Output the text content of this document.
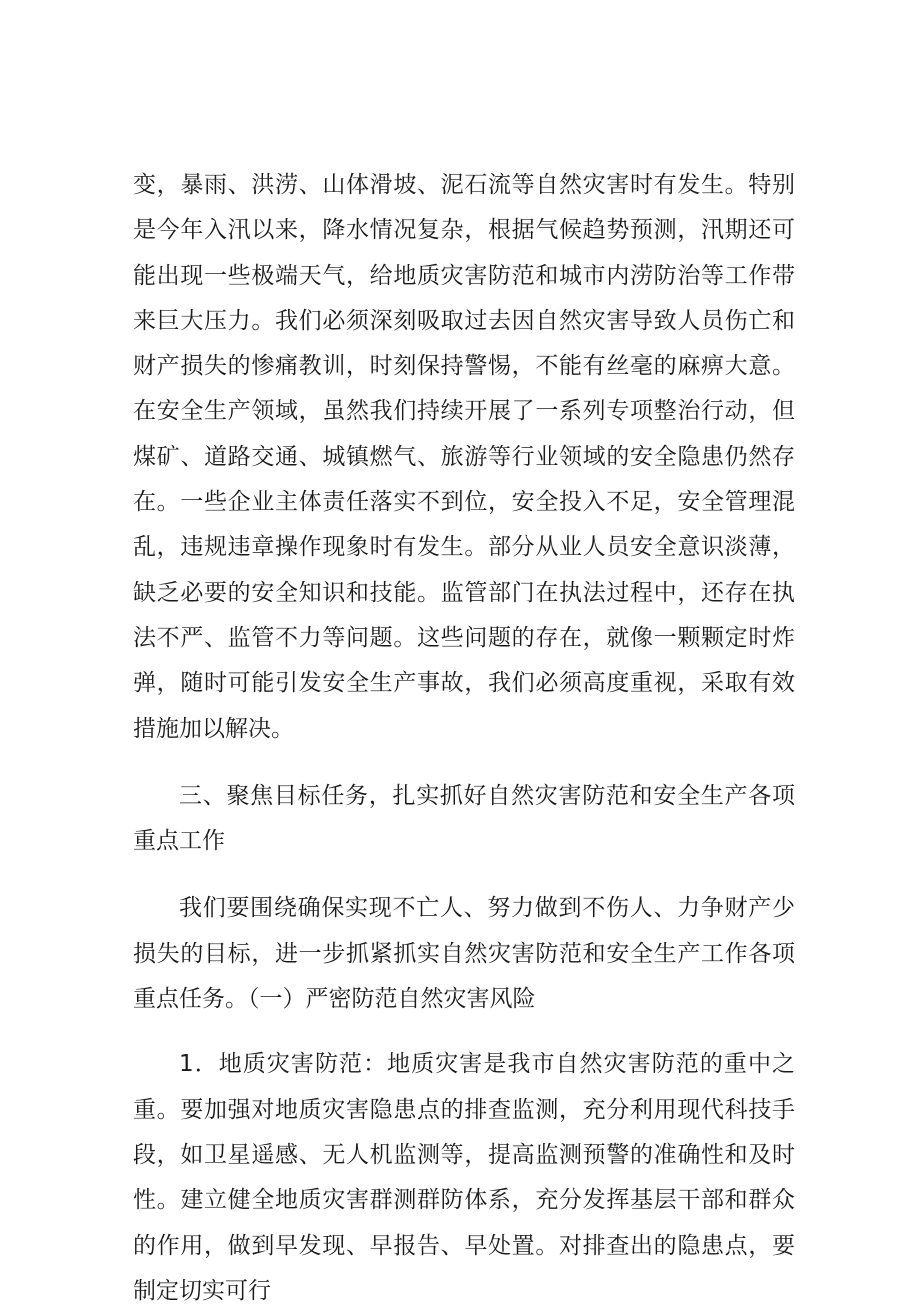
变，暴雨、洪涝、山体滑坡、泥石流等自然灾害时有发生。特别是今年入汛以来，降水情况复杂，根据气候趋势预测，汛期还可能出现一些极端天气，给地质灾害防范和城市内涝防治等工作带来巨大压力。我们必须深刻吸取过去因自然灾害导致人员伤亡和财产损失的惨痛教训，时刻保持警惕，不能有丝毫的麻痹大意。在安全生产领域，虽然我们持续开展了一系列专项整治行动，但煤矿、道路交通、城镇燃气、旅游等行业领域的安全隐患仍然存在。一些企业主体责任落实不到位，安全投入不足，安全管理混乱，违规违章操作现象时有发生。部分从业人员安全意识淡薄，缺乏必要的安全知识和技能。监管部门在执法过程中，还存在执法不严、监管不力等问题。这些问题的存在，就像一颗颗定时炸弹，随时可能引发安全生产事故，我们必须高度重视，采取有效措施加以解决。

三、聚焦目标任务，扎实抓好自然灾害防范和安全生产各项重点工作

我们要围绕确保实现不亡人、努力做到不伤人、力争财产少损失的目标，进一步抓紧抓实自然灾害防范和安全生产工作各项重点任务。（一）严密防范自然灾害风险

1．地质灾害防范：地质灾害是我市自然灾害防范的重中之重。要加强对地质灾害隐患点的排查监测，充分利用现代科技手段，如卫星遥感、无人机监测等，提高监测预警的准确性和及时性。建立健全地质灾害群测群防体系，充分发挥基层干部和群众的作用，做到早发现、早报告、早处置。对排查出的隐患点，要制定切实可行
